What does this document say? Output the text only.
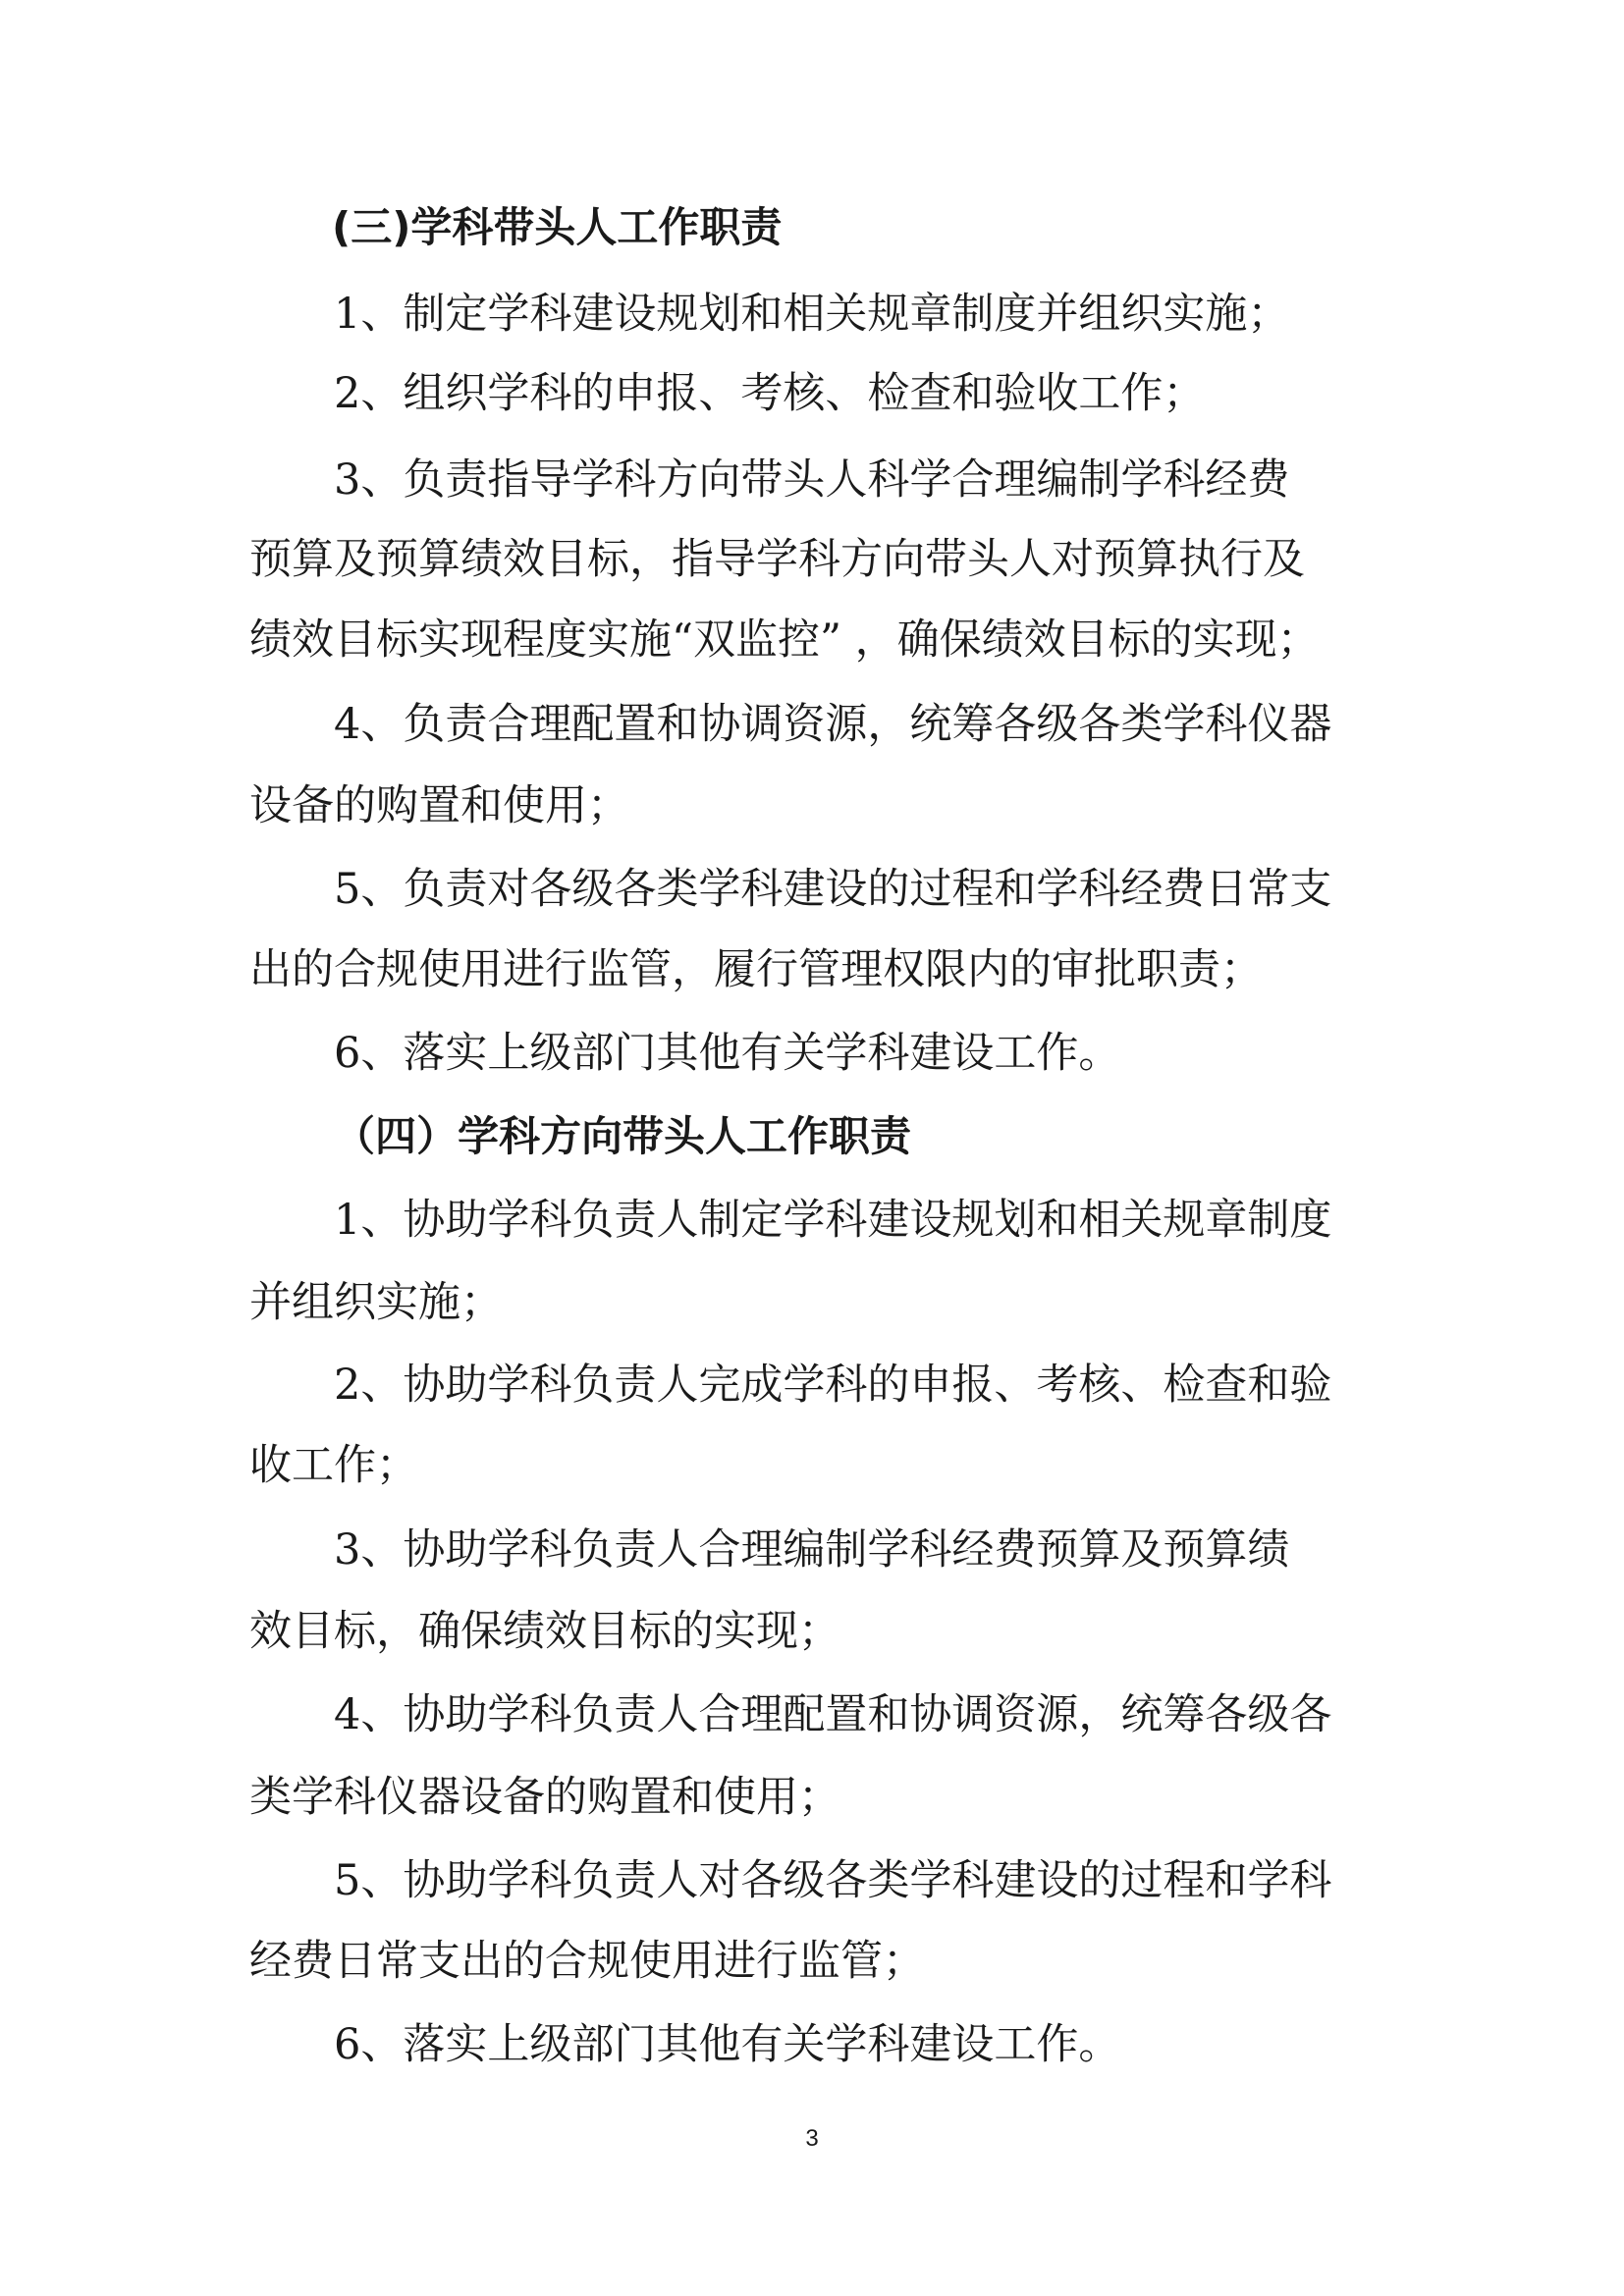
(三)学科带头人工作职责
1、制定学科建设规划和相关规章制度并组织实施；
2、组织学科的申报、考核、检查和验收工作；
3、负责指导学科方向带头人科学合理编制学科经费
预算及预算绩效目标，指导学科方向带头人对预算执行及
绩效目标实现程度实施“双监控” ，确保绩效目标的实现；
4、负责合理配置和协调资源，统筹各级各类学科仪器
设备的购置和使用；
5、负责对各级各类学科建设的过程和学科经费日常支
出的合规使用进行监管，履行管理权限内的审批职责；
6、落实上级部门其他有关学科建设工作。
（四）学科方向带头人工作职责
1、协助学科负责人制定学科建设规划和相关规章制度
并组织实施；
2、协助学科负责人完成学科的申报、考核、检查和验
收工作；
3、协助学科负责人合理编制学科经费预算及预算绩
效目标，确保绩效目标的实现；
4、协助学科负责人合理配置和协调资源，统筹各级各
类学科仪器设备的购置和使用；
5、协助学科负责人对各级各类学科建设的过程和学科
经费日常支出的合规使用进行监管；
6、落实上级部门其他有关学科建设工作。
3
